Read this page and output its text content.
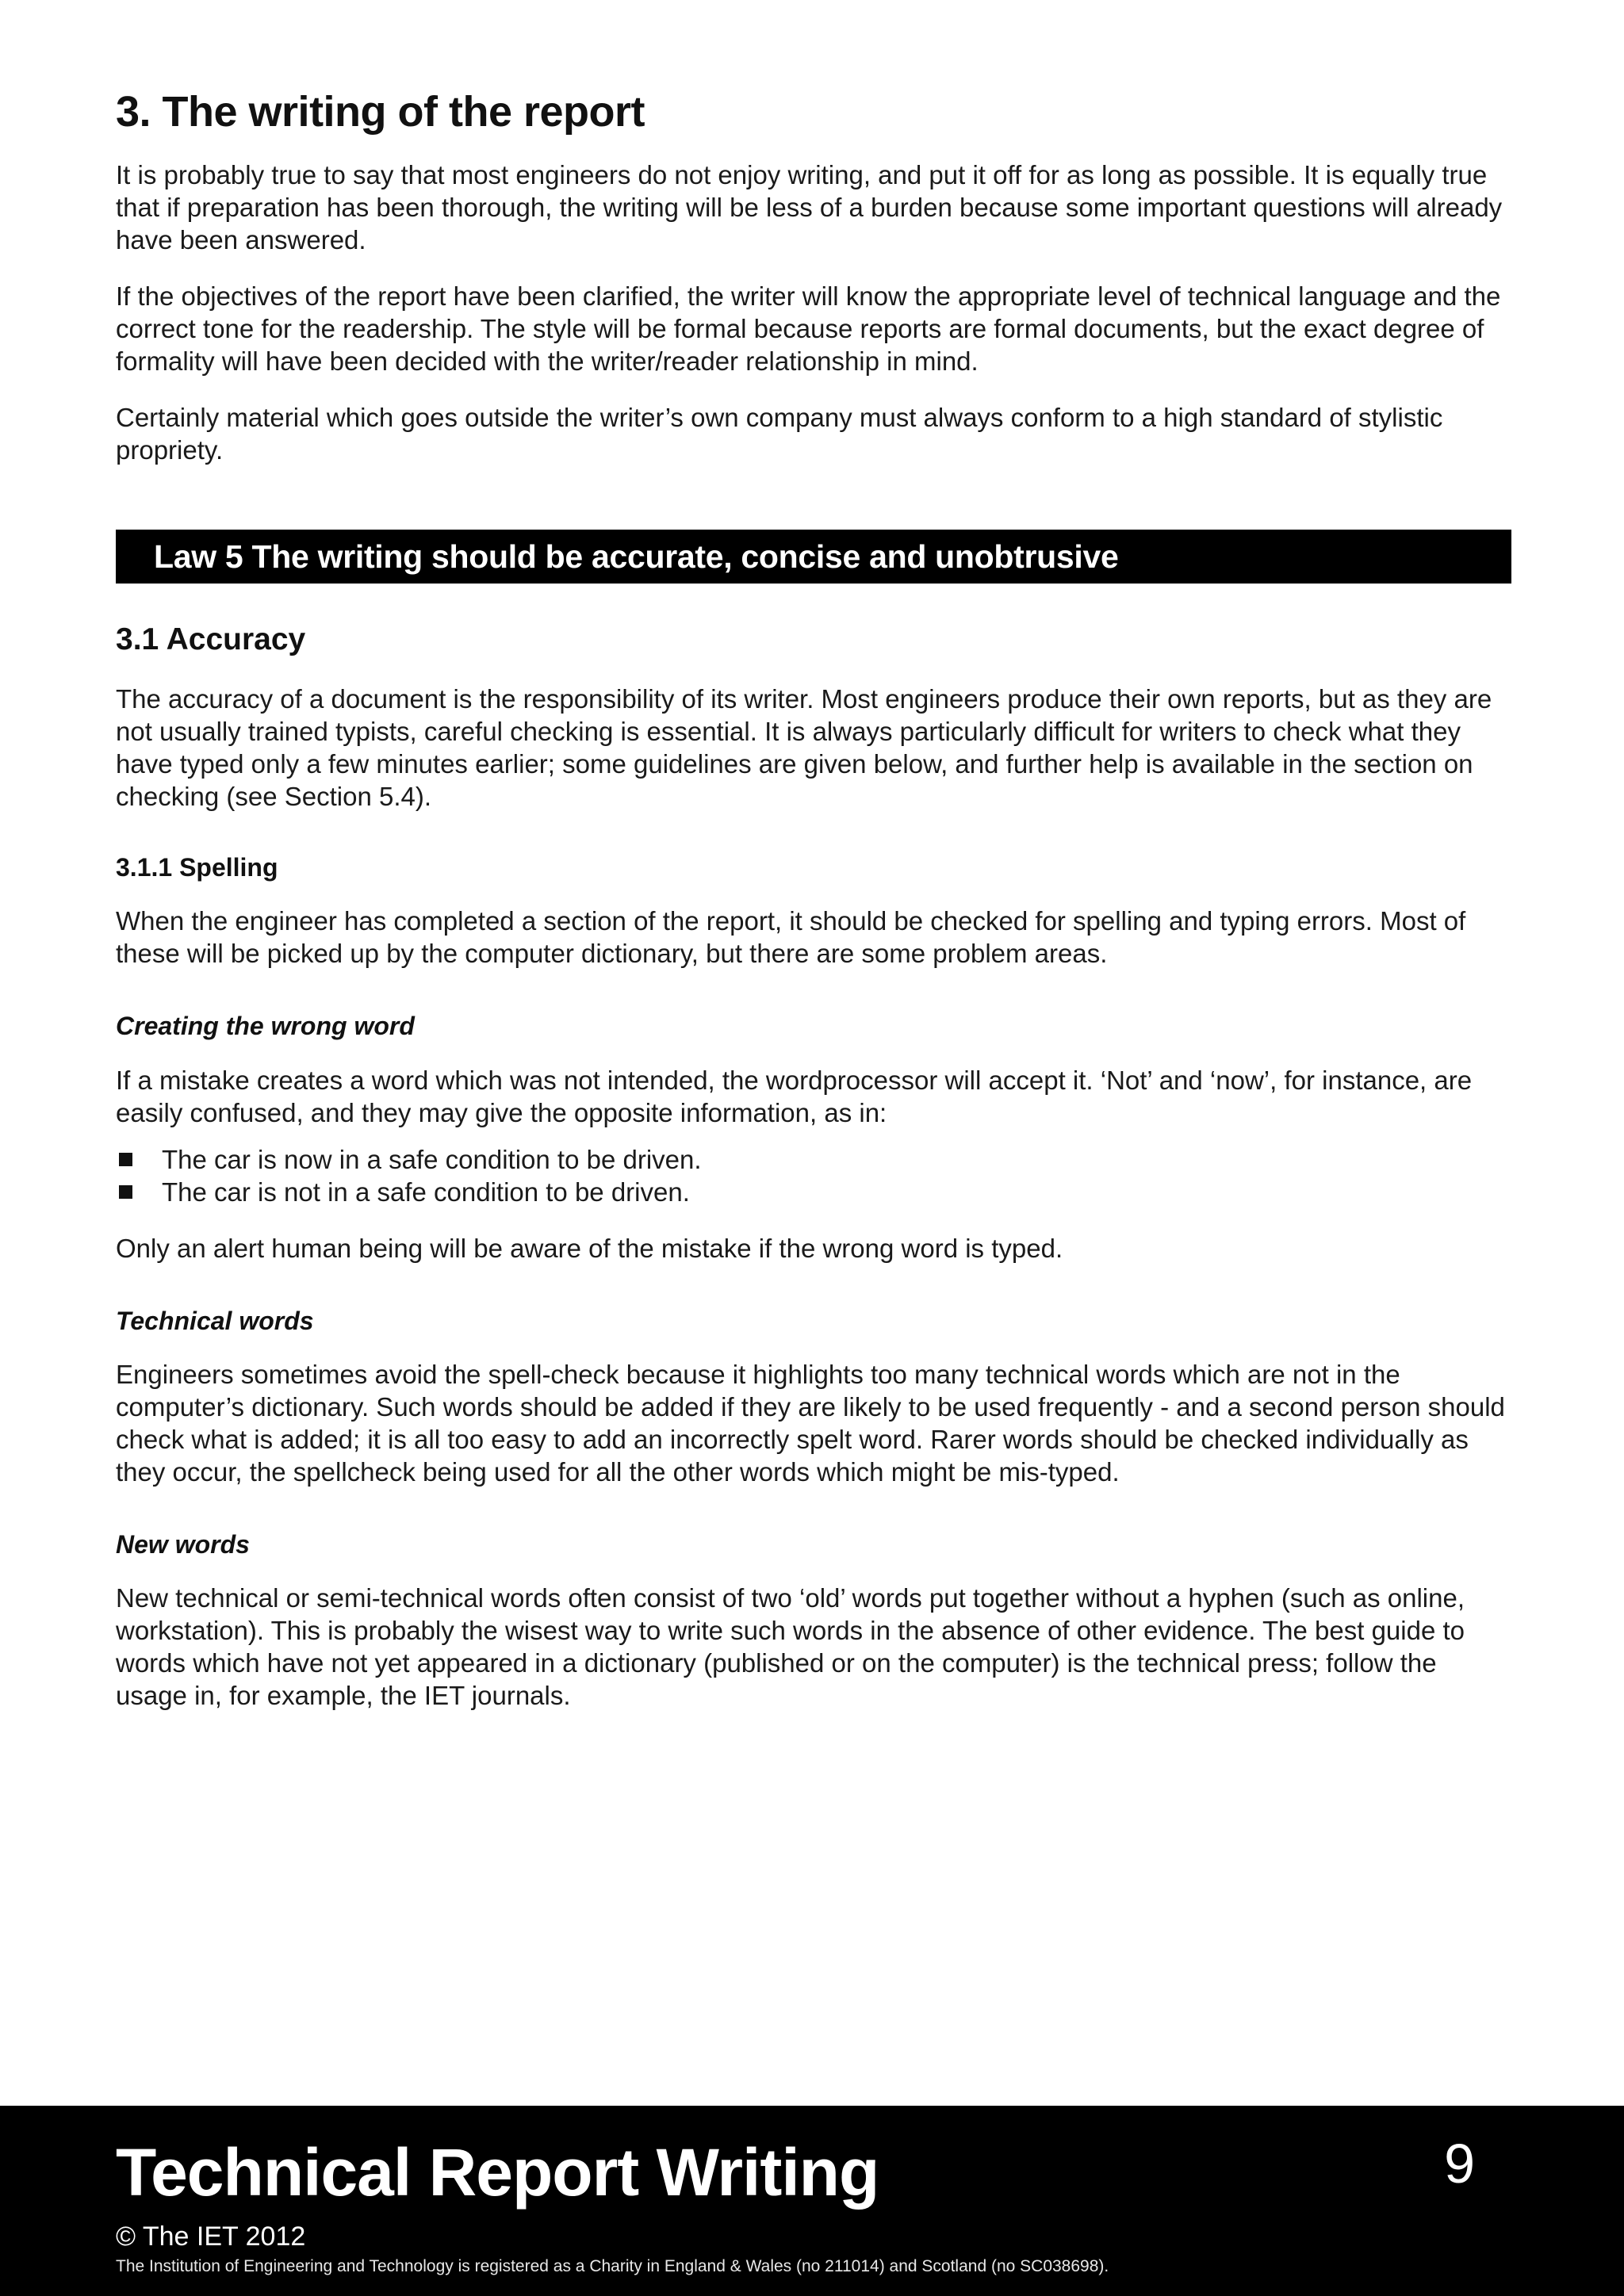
3. The writing of the report

It is probably true to say that most engineers do not enjoy writing, and put it off for as long as possible. It is equally true that if preparation has been thorough, the writing will be less of a burden because some important questions will already have been answered.

If the objectives of the report have been clarified, the writer will know the appropriate level of technical language and the correct tone for the readership. The style will be formal because reports are formal documents, but the exact degree of formality will have been decided with the writer/reader relationship in mind.

Certainly material which goes outside the writer’s own company must always conform to a high standard of stylistic propriety.

Law 5 The writing should be accurate, concise and unobtrusive
3.1 Accuracy

The accuracy of a document is the responsibility of its writer. Most engineers produce their own reports, but as they are not usually trained typists, careful checking is essential. It is always particularly difficult for writers to check what they have typed only a few minutes earlier; some guidelines are given below, and further help is available in the section on checking (see Section 5.4).

3.1.1 Spelling

When the engineer has completed a section of the report, it should be checked for spelling and typing errors. Most of these will be picked up by the computer dictionary, but there are some problem areas.

Creating the wrong word

If a mistake creates a word which was not intended, the wordprocessor will accept it. ‘Not’ and ‘now’, for instance, are easily confused, and they may give the opposite information, as in:

The car is now in a safe condition to be driven.
The car is not in a safe condition to be driven.

Only an alert human being will be aware of the mistake if the wrong word is typed.

Technical words

Engineers sometimes avoid the spell-check because it highlights too many technical words which are not in the computer’s dictionary. Such words should be added if they are likely to be used frequently - and a second person should check what is added; it is all too easy to add an incorrectly spelt word. Rarer words should be checked individually as they occur, the spellcheck being used for all the other words which might be mis-typed.

New words

New technical or semi-technical words often consist of two ‘old’ words put together without a hyphen (such as online, workstation). This is probably the wisest way to write such words in the absence of other evidence. The best guide to words which have not yet appeared in a dictionary (published or on the computer) is the technical press; follow the usage in, for example, the IET journals.

Technical Report Writing	9
© The IET 2012
The Institution of Engineering and Technology is registered as a Charity in England & Wales (no 211014) and Scotland (no SC038698).
